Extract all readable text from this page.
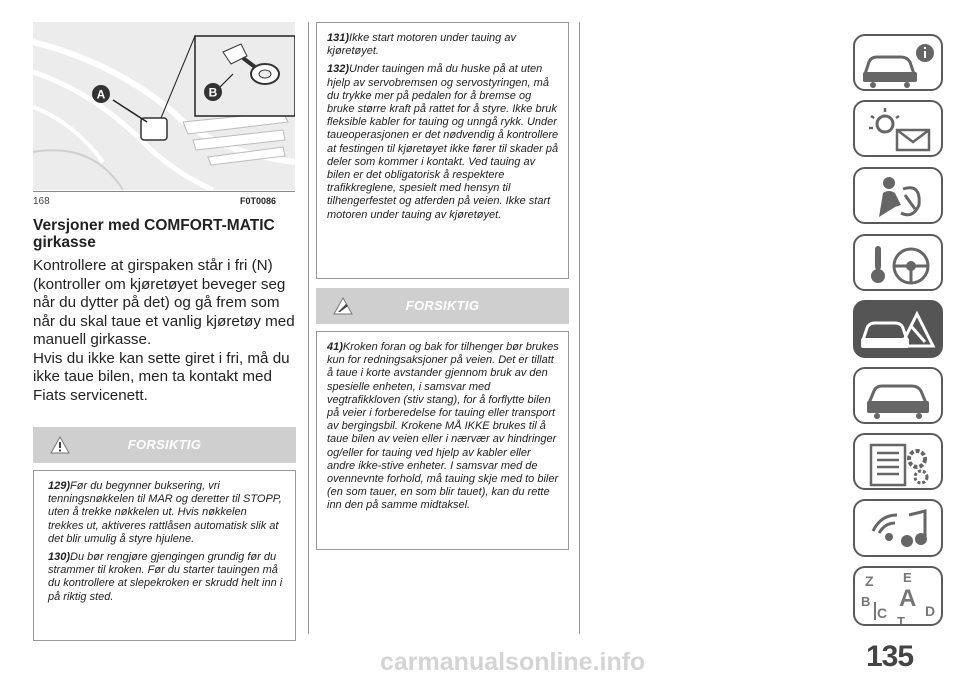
A	B
168	F0T0086
Versjoner med COMFORT-MATIC girkasse

Kontrollere at girspaken står i fri (N) (kontroller om kjøretøyet beveger seg når du dytter på det) og gå frem som når du skal taue et vanlig kjøretøy med manuell girkasse.

Hvis du ikke kan sette giret i fri, må du ikke taue bilen, men ta kontakt med Fiats servicenett.

FORSIKTIG

129)Før du begynner buksering, vri tenningsnøkkelen til MAR og deretter til STOPP, uten å trekke nøkkelen ut. Hvis nøkkelen trekkes ut, aktiveres rattlåsen automatisk slik at det blir umulig å styre hjulene.

130)Du bør rengjøre gjengingen grundig før du strammer til kroken. Før du starter tauingen må du kontrollere at slepekroken er skrudd helt inn i på riktig sted.

131)Ikke start motoren under tauing av kjøretøyet.

132)Under tauingen må du huske på at uten hjelp av servobremsen og servostyringen, må du trykke mer på pedalen for å bremse og bruke større kraft på rattet for å styre. Ikke bruk fleksible kabler for tauing og unngå rykk. Under taueoperasjonen er det nødvendig å kontrollere at festingen til kjøretøyet ikke fører til skader på deler som kommer i kontakt. Ved tauing av bilen er det obligatorisk å respektere trafikkreglene, spesielt med hensyn til tilhengerfestet og atferden på veien. Ikke start motoren under tauing av kjøretøyet.

FORSIKTIG

41)Kroken foran og bak for tilhenger bør brukes kun for redningsaksjoner på veien. Det er tillatt å taue i korte avstander gjennom bruk av den spesielle enheten, i samsvar med vegtrafikkloven (stiv stang), for å forflytte bilen på veier i forberedelse for tauing eller transport av bergingsbil. Krokene MÅ IKKE brukes til å taue bilen av veien eller i nærvær av hindringer og/eller for tauing ved hjelp av kabler eller andre ikke-stive enheter. I samsvar med de ovennevnte forhold, må tauing skje med to biler (en som tauer, en som blir tauet), kan du rette inn den på samme midtaksel.

Z E
B A
C	D
T
135
carmanualsonline.info
